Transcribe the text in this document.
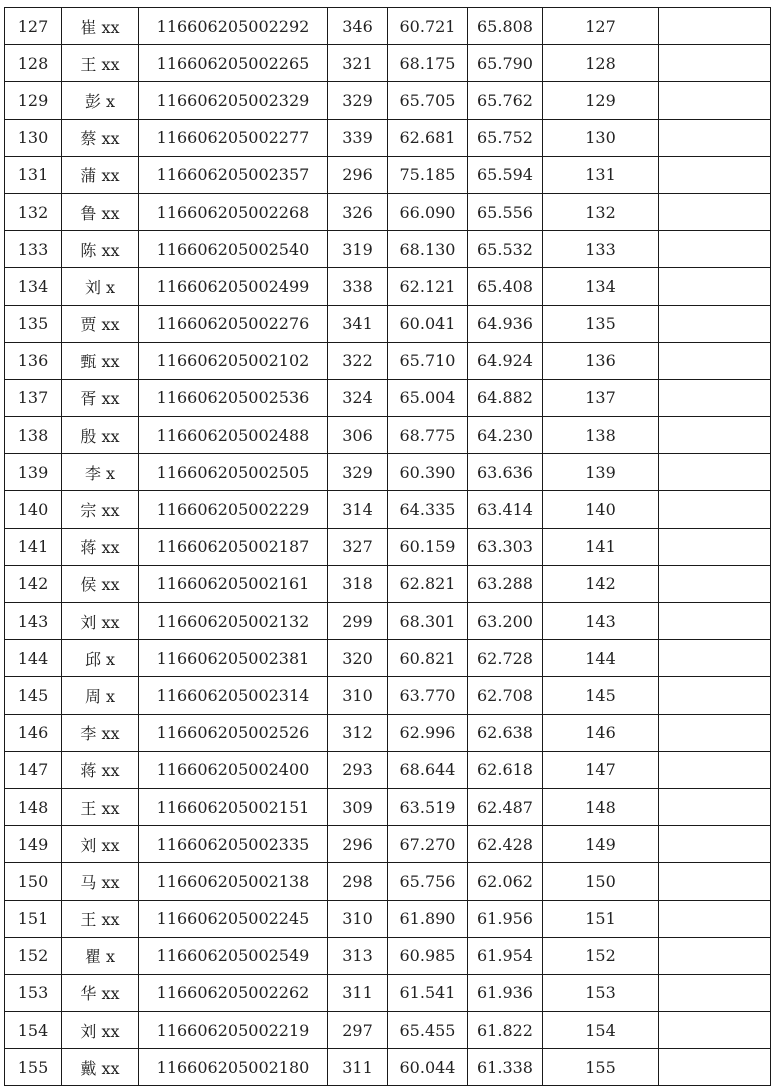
127	崔 xx	116606205002292	346	60.721	65.808	127	
128	王 xx	116606205002265	321	68.175	65.790	128	
129	彭 x	116606205002329	329	65.705	65.762	129	
130	蔡 xx	116606205002277	339	62.681	65.752	130	
131	蒲 xx	116606205002357	296	75.185	65.594	131	
132	鲁 xx	116606205002268	326	66.090	65.556	132	
133	陈 xx	116606205002540	319	68.130	65.532	133	
134	刘 x	116606205002499	338	62.121	65.408	134	
135	贾 xx	116606205002276	341	60.041	64.936	135	
136	甄 xx	116606205002102	322	65.710	64.924	136	
137	胥 xx	116606205002536	324	65.004	64.882	137	
138	殷 xx	116606205002488	306	68.775	64.230	138	
139	李 x	116606205002505	329	60.390	63.636	139	
140	宗 xx	116606205002229	314	64.335	63.414	140	
141	蒋 xx	116606205002187	327	60.159	63.303	141	
142	侯 xx	116606205002161	318	62.821	63.288	142	
143	刘 xx	116606205002132	299	68.301	63.200	143	
144	邱 x	116606205002381	320	60.821	62.728	144	
145	周 x	116606205002314	310	63.770	62.708	145	
146	李 xx	116606205002526	312	62.996	62.638	146	
147	蒋 xx	116606205002400	293	68.644	62.618	147	
148	王 xx	116606205002151	309	63.519	62.487	148	
149	刘 xx	116606205002335	296	67.270	62.428	149	
150	马 xx	116606205002138	298	65.756	62.062	150	
151	王 xx	116606205002245	310	61.890	61.956	151	
152	瞿 x	116606205002549	313	60.985	61.954	152	
153	华 xx	116606205002262	311	61.541	61.936	153	
154	刘 xx	116606205002219	297	65.455	61.822	154	
155	戴 xx	116606205002180	311	60.044	61.338	155	
